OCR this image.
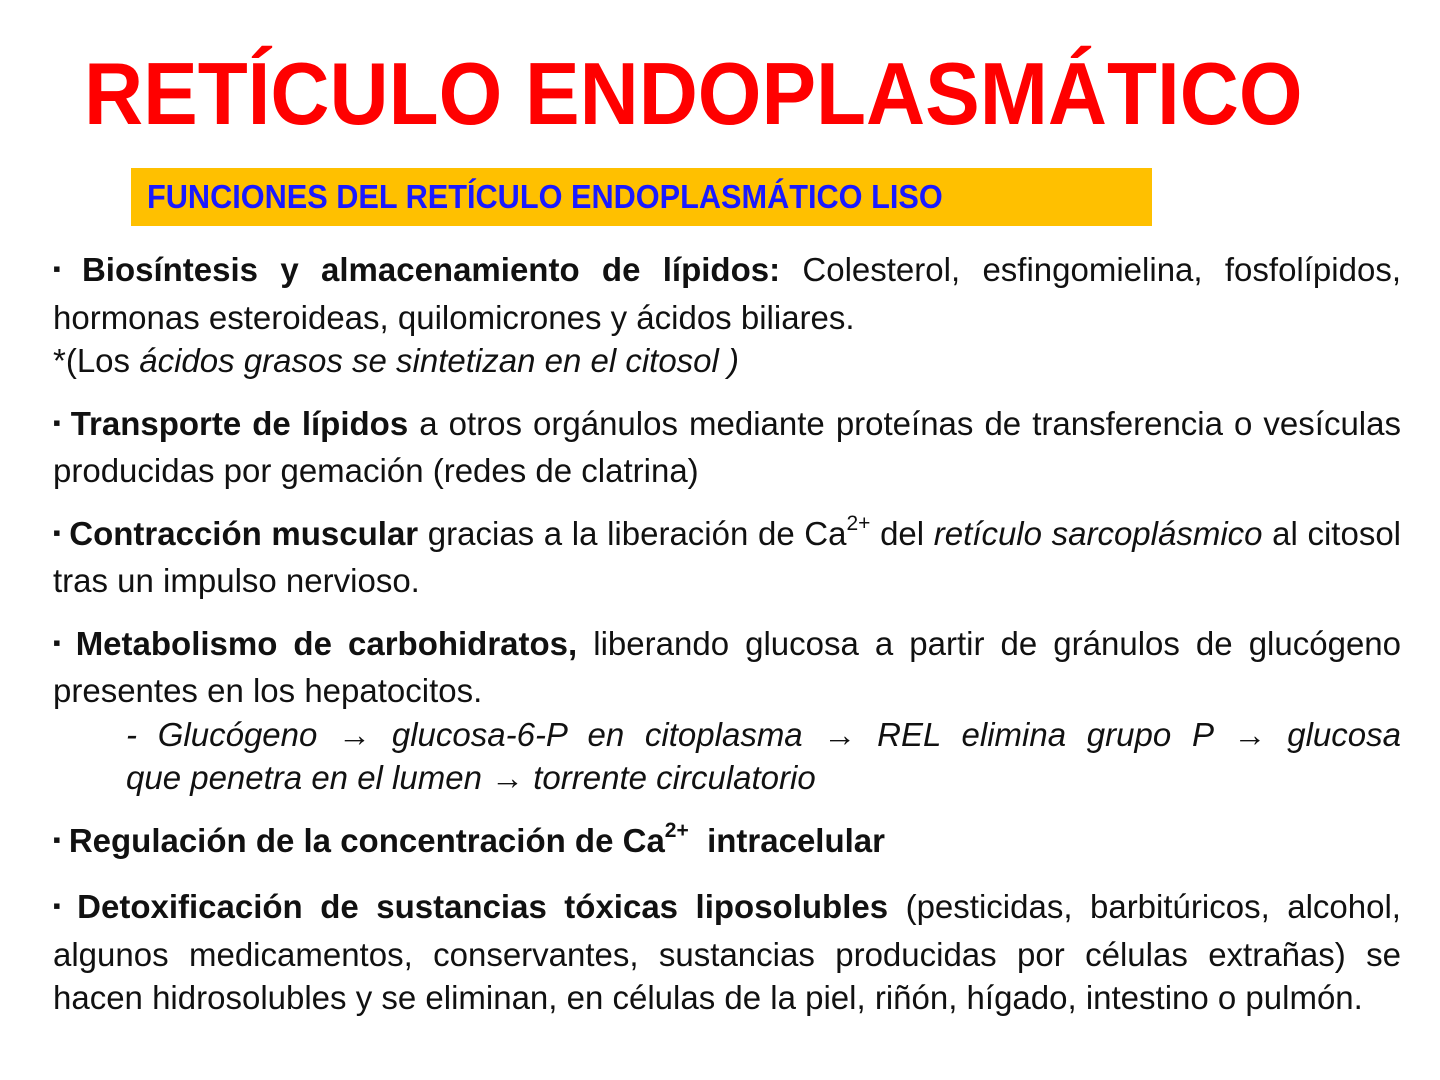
RETÍCULO ENDOPLASMÁTICO
FUNCIONES DEL RETÍCULO ENDOPLASMÁTICO LISO

▪ Biosíntesis y almacenamiento de lípidos: Colesterol, esfingomielina, fosfolípidos, hormonas esteroideas, quilomicrones y ácidos biliares.

*(Los ácidos grasos se sintetizan en el citosol )

▪ Transporte de lípidos a otros orgánulos mediante proteínas de transferencia o vesículas producidas por gemación (redes de clatrina)

▪ Contracción muscular gracias a la liberación de $Ca^{2+}$ del retículo sarcoplásmico al citosol tras un impulso nervioso.

▪ Metabolismo de carbohidratos, liberando glucosa a partir de gránulos de glucógeno presentes en los hepatocitos.

- Glucógeno → glucosa-6-P en citoplasma → REL elimina grupo P → glucosa

que penetra en el lumen → torrente circulatorio

▪ Regulación de la concentración de $Ca^{2+}$  intracelular

▪ Detoxificación de sustancias tóxicas liposolubles (pesticidas, barbitúricos, alcohol, algunos medicamentos, conservantes, sustancias producidas por células extrañas) se hacen hidrosolubles y se eliminan, en células de la piel, riñón, hígado, intestino o pulmón.
